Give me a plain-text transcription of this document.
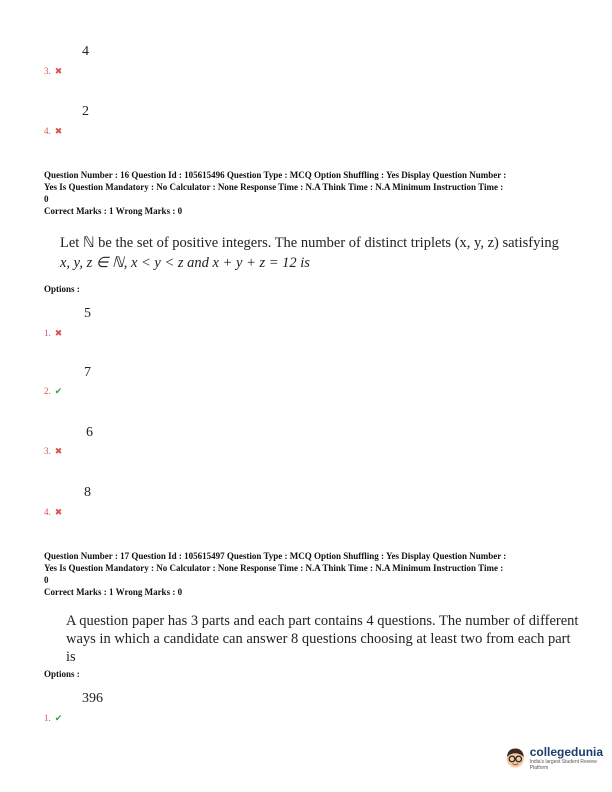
4
3. ✖
2
4. ✖
Question Number : 16 Question Id : 105615496 Question Type : MCQ Option Shuffling : Yes Display Question Number :
Yes Is Question Mandatory : No Calculator : None Response Time : N.A Think Time : N.A Minimum Instruction Time :
0
Correct Marks : 1 Wrong Marks : 0
Let ℕ be the set of positive integers. The number of distinct triplets (x, y, z) satisfying
x, y, z ∈ ℕ, x < y < z and x + y + z = 12 is
Options :
5
1. ✖
7
2. ✔
6
3. ✖
8
4. ✖
Question Number : 17 Question Id : 105615497 Question Type : MCQ Option Shuffling : Yes Display Question Number :
Yes Is Question Mandatory : No Calculator : None Response Time : N.A Think Time : N.A Minimum Instruction Time :
0
Correct Marks : 1 Wrong Marks : 0
A question paper has 3 parts and each part contains 4 questions. The number of different
ways in which a candidate can answer 8 questions choosing at least two from each part
is
Options :
396
1. ✔
collegedunia
India's largest Student Review Platform
